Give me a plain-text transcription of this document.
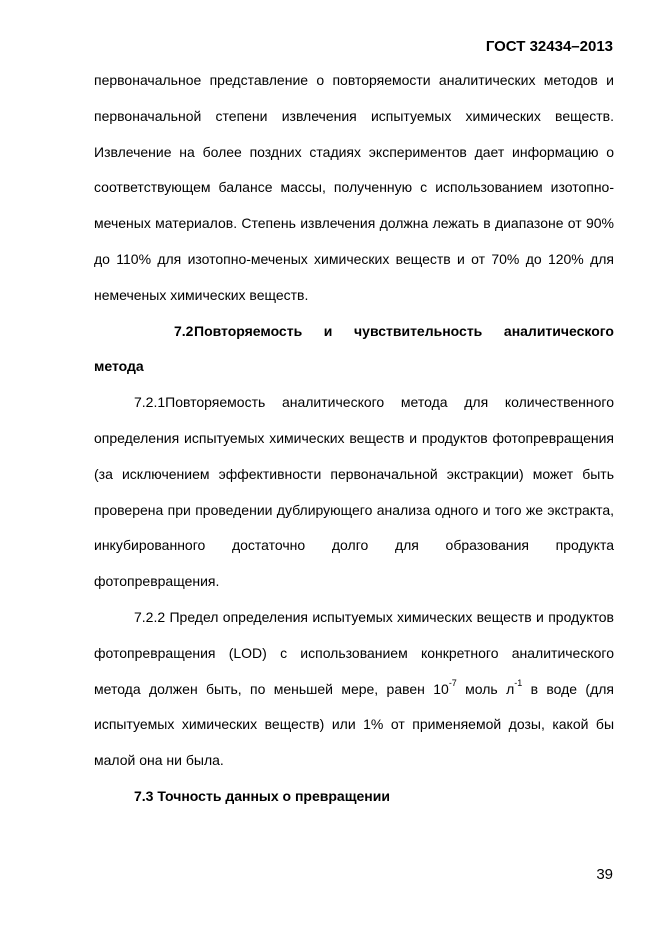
ГОСТ 32434–2013

первоначальное представление о повторяемости аналитических методов и первоначальной степени извлечения испытуемых химических веществ. Извлечение на более поздних стадиях экспериментов дает информацию о соответствующем балансе массы, полученную с использованием изотопно-меченых материалов. Степень извлечения должна лежать в диапазоне от 90% до 110% для изотопно-меченых химических веществ и от 70% до 120% для немеченых химических веществ.

7.2Повторяемость и чувствительность аналитического метода

7.2.1Повторяемость аналитического метода для количественного определения испытуемых химических веществ и продуктов фотопревращения (за исключением эффективности первоначальной экстракции) может быть проверена при проведении дублирующего анализа одного и того же экстракта, инкубированного достаточно долго для образования продукта фотопревращения.

7.2.2 Предел определения испытуемых химических веществ и продуктов фотопревращения (LOD) с использованием конкретного аналитического метода должен быть, по меньшей мере, равен $10^{-7}$ моль $л^{-1}$ в воде (для испытуемых химических веществ) или 1% от применяемой дозы, какой бы малой она ни была.

7.3 Точность данных о превращении

39
